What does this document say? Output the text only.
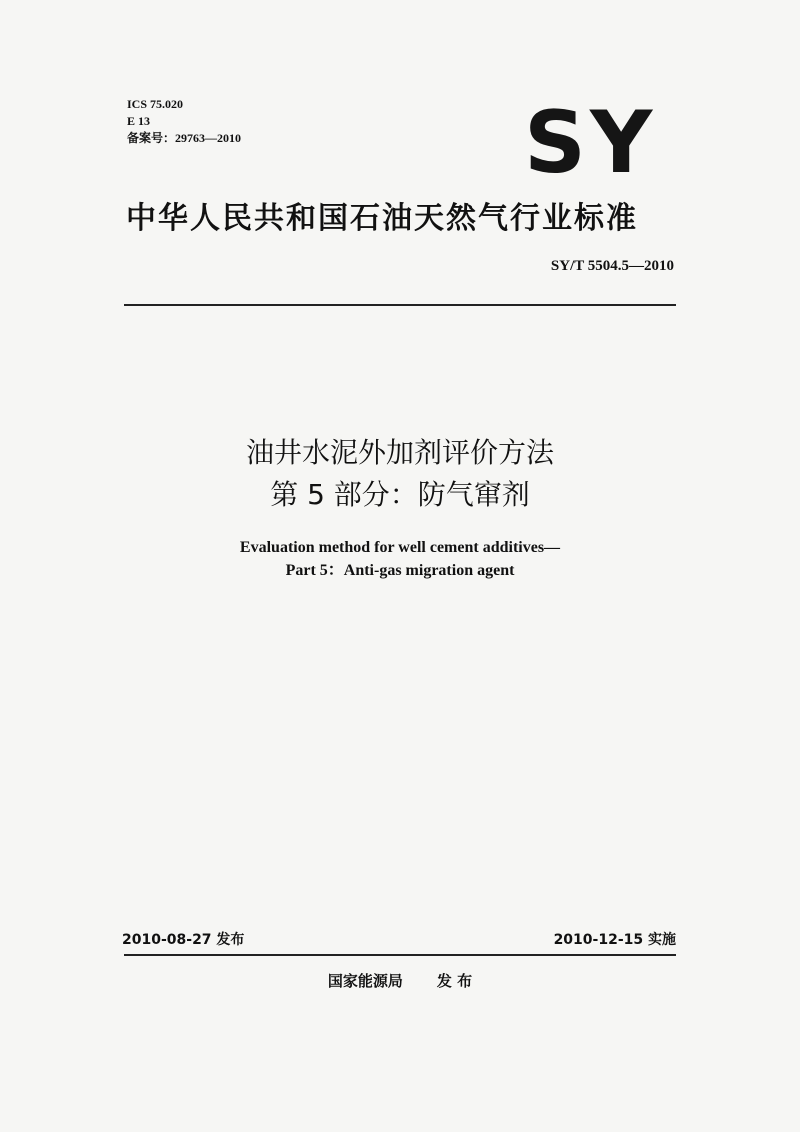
ICS 75.020
E 13
备案号：29763—2010	SY
中华人民共和国石油天然气行业标准
SY/T 5504.5—2010
油井水泥外加剂评价方法
第 5 部分：防气窜剂
Evaluation method for well cement additives—
Part 5：Anti-gas migration agent
2010-08-27 发布	2010-12-15 实施
国家能源局 发 布
